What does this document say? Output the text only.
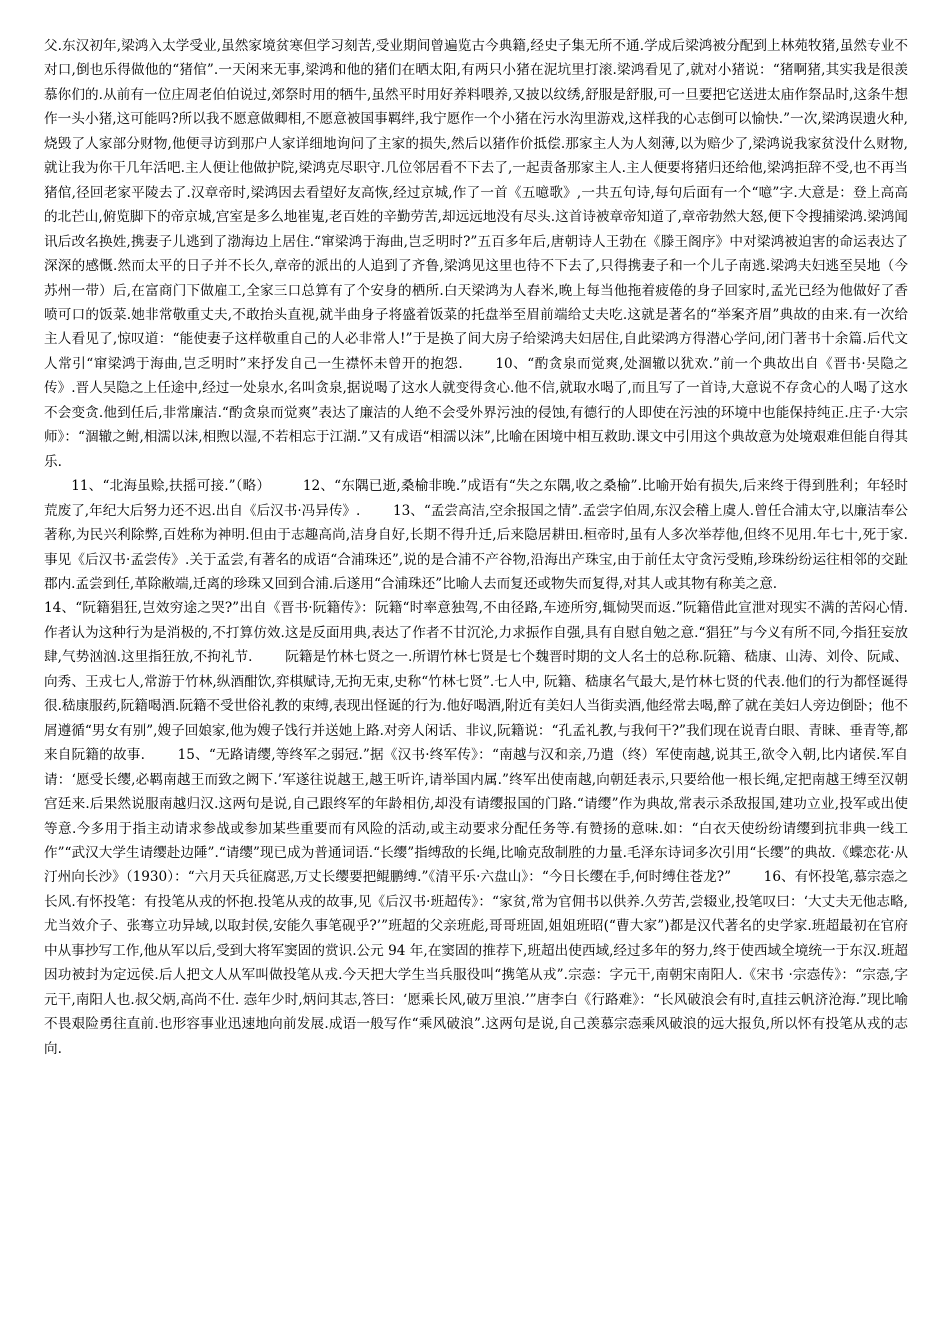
父.东汉初年,梁鸿入太学受业,虽然家境贫寒但学习刻苦,受业期间曾遍览古今典籍,经史子集无所不通.学成后梁鸿被分配到上林苑牧猪,虽然专业不对口,倒也乐得做他的“猪倌”.一天闲来无事,梁鸿和他的猪们在晒太阳,有两只小猪在泥坑里打滚.梁鸿看见了,就对小猪说：“猪啊猪,其实我是很羡慕你们的.从前有一位庄周老伯伯说过,郊祭时用的牺牛,虽然平时用好养料喂养,又披以纹绣,舒服是舒服,可一旦要把它送进太庙作祭品时,这条牛想作一头小猪,这可能吗?所以我不愿意做卿相,不愿意被国事羁绊,我宁愿作一个小猪在污水沟里游戏,这样我的心志倒可以愉快.”一次,梁鸿误遗火种,烧毁了人家部分财物,他便寻访到那户人家详细地询问了主家的损失,然后以猪作价抵偿.那家主人为人刻薄,以为赔少了,梁鸿说我家贫没什么财物,就让我为你干几年活吧.主人便让他做护院,梁鸿克尽职守.几位邻居看不下去了,一起责备那家主人.主人便要将猪归还给他,梁鸿拒辞不受,也不再当猪倌,径回老家平陵去了.汉章帝时,梁鸿因去看望好友高恢,经过京城,作了一首《五噫歌》,一共五句诗,每句后面有一个“噫”字.大意是：登上高高的北芒山,俯览脚下的帝京城,宫室是多么地崔嵬,老百姓的辛勤劳苦,却远远地没有尽头.这首诗被章帝知道了,章帝勃然大怒,便下令搜捕梁鸿.梁鸿闻讯后改名换姓,携妻子儿逃到了渤海边上居住.“窜梁鸿于海曲,岂乏明时?”五百多年后,唐朝诗人王勃在《滕王阁序》中对梁鸿被迫害的命运表达了深深的感慨.然而太平的日子并不长久,章帝的派出的人追到了齐鲁,梁鸿见这里也待不下去了,只得携妻子和一个儿子南逃.梁鸿夫妇逃至吴地（今苏州一带）后,在富商门下做雇工,全家三口总算有了个安身的栖所.白天梁鸿为人舂米,晚上每当他拖着疲倦的身子回家时,孟光已经为他做好了香喷可口的饭菜.她非常敬重丈夫,不敢抬头直视,就半曲身子将盛着饭菜的托盘举至眉前端给丈夫吃.这就是著名的“举案齐眉”典故的由来.有一次给主人看见了,惊叹道：“能使妻子这样敬重自己的人必非常人!”于是换了间大房子给梁鸿夫妇居住,自此梁鸿方得潜心学问,闭门著书十余篇.后代文人常引“窜梁鸿于海曲,岂乏明时”来抒发自己一生襟怀未曾开的抱怨. 10、“酌贪泉而觉爽,处涸辙以犹欢.”前一个典故出自《晋书·吴隐之传》.晋人吴隐之上任途中,经过一处泉水,名叫贪泉,据说喝了这水人就变得贪心.他不信,就取水喝了,而且写了一首诗,大意说不存贪心的人喝了这水不会变贪.他到任后,非常廉洁.“酌贪泉而觉爽”表达了廉洁的人绝不会受外界污浊的侵蚀,有德行的人即使在污浊的环境中也能保持纯正.庄子·大宗师》：“涸辙之鲋,相濡以沫,相煦以湿,不若相忘于江湖.”又有成语“相濡以沫”,比喻在困境中相互救助.课文中引用这个典故意为处境艰难但能自得其乐.

11、“北海虽赊,扶摇可接.”（略） 12、“东隅已逝,桑榆非晚.”成语有“失之东隅,收之桑榆”.比喻开始有损失,后来终于得到胜利；年轻时荒废了,年纪大后努力还不迟.出自《后汉书·冯异传》. 13、“孟尝高洁,空余报国之情”.孟尝字伯周,东汉会稽上虞人.曾任合浦太守,以廉洁奉公著称,为民兴利除弊,百姓称为神明.但由于志趣高尚,洁身自好,长期不得升迁,后来隐居耕田.桓帝时,虽有人多次举荐他,但终不见用.年七十,死于家.事见《后汉书·孟尝传》.关于孟尝,有著名的成语“合浦珠还”,说的是合浦不产谷物,沿海出产珠宝,由于前任太守贪污受贿,珍珠纷纷运往相邻的交趾郡内.孟尝到任,革除敝端,迁离的珍珠又回到合浦.后遂用“合浦珠还”比喻人去而复还或物失而复得,对其人或其物有称美之意.

14、“阮籍猖狂,岂效穷途之哭?”出自《晋书·阮籍传》：阮籍“时率意独驾,不由径路,车迹所穷,辄恸哭而返.”阮籍借此宣泄对现实不满的苦闷心情.作者认为这种行为是消极的,不打算仿效.这是反面用典,表达了作者不甘沉沦,力求振作自强,具有自慰自勉之意.“猖狂”与今义有所不同,今指狂妄放肆,气势汹汹.这里指狂放,不拘礼节. 阮籍是竹林七贤之一.所谓竹林七贤是七个魏晋时期的文人名士的总称.阮籍、嵇康、山涛、刘伶、阮咸、向秀、王戎七人,常游于竹林,纵酒酣饮,弈棋赋诗,无拘无束,史称“竹林七贤”.七人中, 阮籍、嵇康名气最大,是竹林七贤的代表.他们的行为都怪诞得很.嵇康服药,阮籍喝酒.阮籍不受世俗礼教的束缚,表现出怪诞的行为.他好喝酒,附近有美妇人当街卖酒,他经常去喝,醉了就在美妇人旁边倒卧；他不屑遵循“男女有别”,嫂子回娘家,他为嫂子饯行并送她上路.对旁人闲话、非议,阮籍说：“孔孟礼教,与我何干?”我们现在说青白眼、青睐、垂青等,都来自阮籍的故事. 15、“无路请缨,等终军之弱冠.”据《汉书·终军传》：“南越与汉和亲,乃遣（终）军使南越,说其王,欲令入朝,比内诸侯.军自请：‘愿受长缨,必羁南越王而致之阙下.’军遂往说越王,越王听许,请举国内属.”终军出使南越,向朝廷表示,只要给他一根长绳,定把南越王缚至汉朝宫廷来.后果然说服南越归汉.这两句是说,自己跟终军的年龄相仿,却没有请缨报国的门路.“请缨”作为典故,常表示杀敌报国,建功立业,投军或出使等意.今多用于指主动请求参战或参加某些重要而有风险的活动,或主动要求分配任务等.有赞扬的意味.如：“白衣天使纷纷请缨到抗非典一线工作”“武汉大学生请缨赴边陲”.“请缨”现已成为普通词语.“长缨”指缚敌的长绳,比喻克敌制胜的力量.毛泽东诗词多次引用“长缨”的典故.《蝶恋花·从汀州向长沙》（1930）：“六月天兵征腐恶,万丈长缨要把鲲鹏缚.”《清平乐·六盘山》：“今日长缨在手,何时缚住苍龙?” 16、有怀投笔,慕宗悫之长风.有怀投笔：有投笔从戎的怀抱.投笔从戎的故事,见《后汉书·班超传》：“家贫,常为官佣书以供养.久劳苦,尝辍业,投笔叹曰：‘大丈夫无他志略,尤当效介子、张骞立功异域,以取封侯,安能久事笔砚乎?’”班超的父亲班彪,哥哥班固,姐姐班昭(“曹大家”)都是汉代著名的史学家.班超最初在官府中从事抄写工作,他从军以后,受到大将军窦固的赏识.公元 94 年,在窦固的推荐下,班超出使西域,经过多年的努力,终于使西域全境统一于东汉.班超因功被封为定远侯.后人把文人从军叫做投笔从戎.今天把大学生当兵服役叫“携笔从戎”.宗悫：字元干,南朝宋南阳人.《宋书 ·宗悫传》：“宗悫,字元干,南阳人也.叔父炳,高尚不仕. 悫年少时,炳问其志,答曰：‘愿乘长风,破万里浪.’”唐李白《行路难》：“长风破浪会有时,直挂云帆济沧海.”现比喻不畏艰险勇往直前.也形容事业迅速地向前发展.成语一般写作“乘风破浪”.这两句是说,自己羡慕宗悫乘风破浪的远大报负,所以怀有投笔从戎的志向.
